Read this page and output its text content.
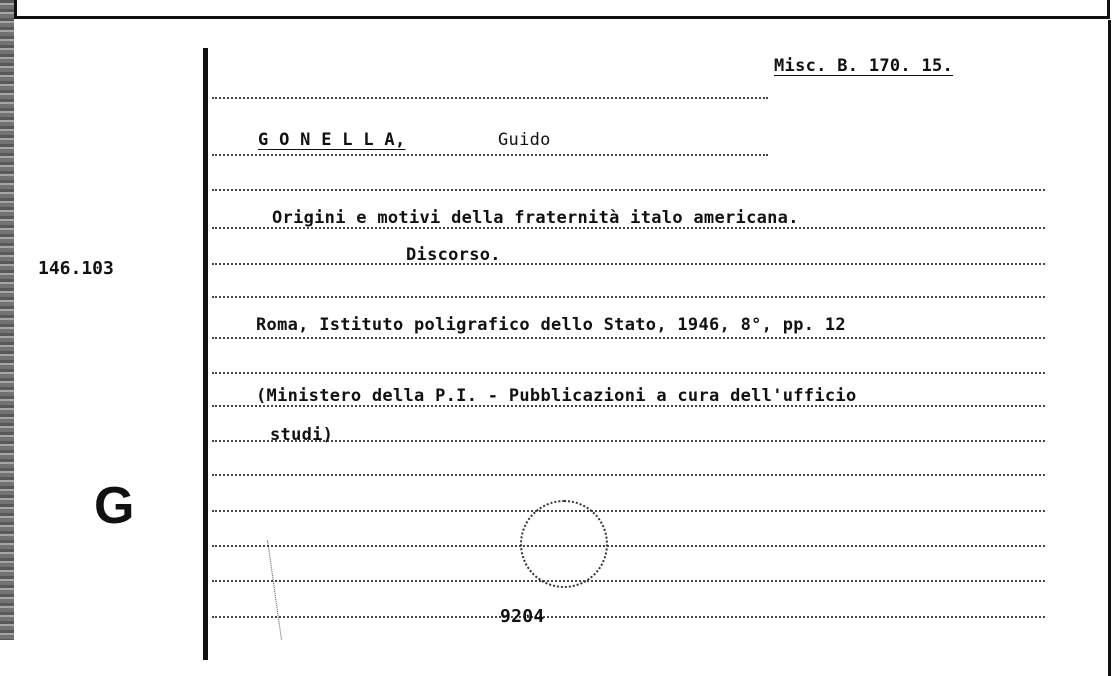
Misc. B. 170. 15.
G O N E L L A,	Guido
Origini e motivi della fraternità italo americana.
Discorso.
Roma, Istituto poligrafico dello Stato, 1946, 8°, pp. 12
(Ministero della P.I. - Pubblicazioni a cura dell'ufficio
studi)
146.103
G
9204
